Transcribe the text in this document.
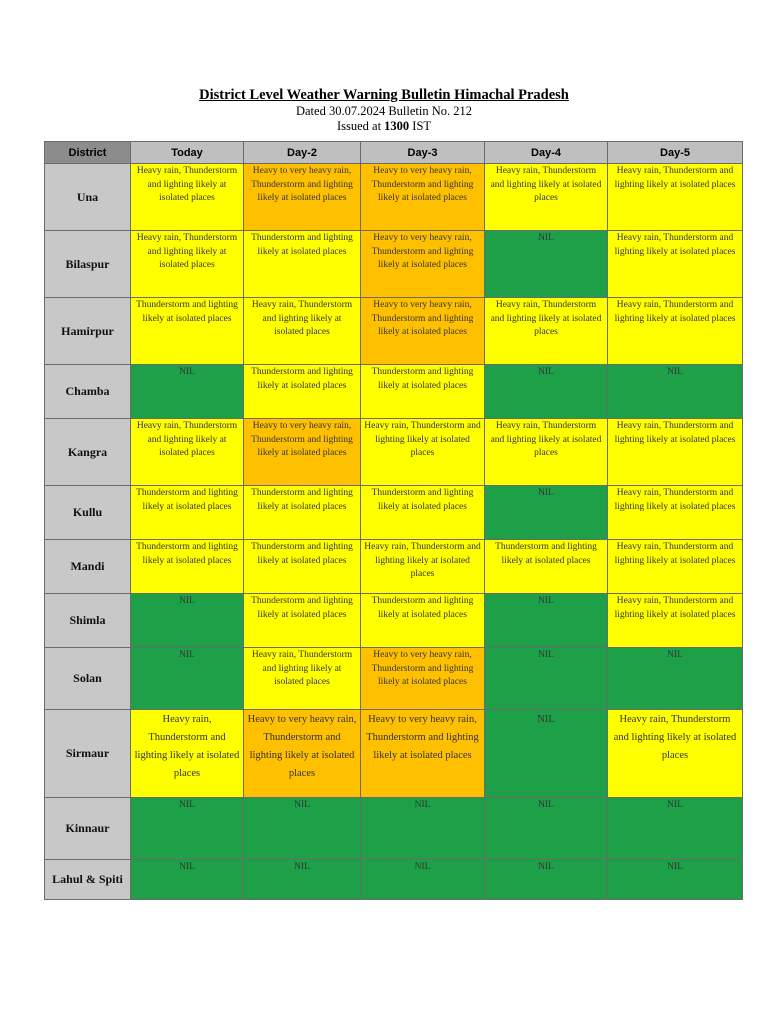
District Level Weather Warning Bulletin Himachal Pradesh
Dated 30.07.2024 Bulletin No. 212
Issued at 1300 IST
District	Today	Day-2	Day-3	Day-4	Day-5
Una	Heavy rain, Thunderstorm and lighting likely at isolated places	Heavy to very heavy rain, Thunderstorm and lighting likely at isolated places	Heavy to very heavy rain, Thunderstorm and lighting likely at isolated places	Heavy rain, Thunderstorm and lighting likely at isolated places	Heavy rain, Thunderstorm and lighting likely at isolated places
Bilaspur	Heavy rain, Thunderstorm and lighting likely at isolated places	Thunderstorm and lighting likely at isolated places	Heavy to very heavy rain, Thunderstorm and lighting likely at isolated places	NIL	Heavy rain, Thunderstorm and lighting likely at isolated places
Hamirpur	Thunderstorm and lighting likely at isolated places	Heavy rain, Thunderstorm and lighting likely at isolated places	Heavy to very heavy rain, Thunderstorm and lighting likely at isolated places	Heavy rain, Thunderstorm and lighting likely at isolated places	Heavy rain, Thunderstorm and lighting likely at isolated places
Chamba	NIL	Thunderstorm and lighting likely at isolated places	Thunderstorm and lighting likely at isolated places	NIL	NIL
Kangra	Heavy rain, Thunderstorm and lighting likely at isolated places	Heavy to very heavy rain, Thunderstorm and lighting likely at isolated places	Heavy rain, Thunderstorm and lighting likely at isolated places	Heavy rain, Thunderstorm and lighting likely at isolated places	Heavy rain, Thunderstorm and lighting likely at isolated places
Kullu	Thunderstorm and lighting likely at isolated places	Thunderstorm and lighting likely at isolated places	Thunderstorm and lighting likely at isolated places	NIL	Heavy rain, Thunderstorm and lighting likely at isolated places
Mandi	Thunderstorm and lighting likely at isolated places	Thunderstorm and lighting likely at isolated places	Heavy rain, Thunderstorm and lighting likely at isolated places	Thunderstorm and lighting likely at isolated places	Heavy rain, Thunderstorm and lighting likely at isolated places
Shimla	NIL	Thunderstorm and lighting likely at isolated places	Thunderstorm and lighting likely at isolated places	NIL	Heavy rain, Thunderstorm and lighting likely at isolated places
Solan	NIL	Heavy rain, Thunderstorm and lighting likely at isolated places	Heavy to very heavy rain, Thunderstorm and lighting likely at isolated places	NIL	NIL
Sirmaur	Heavy rain, Thunderstorm and lighting likely at isolated places	Heavy to very heavy rain, Thunderstorm and lighting likely at isolated places	Heavy to very heavy rain, Thunderstorm and lighting likely at isolated places	NIL	Heavy rain, Thunderstorm and lighting likely at isolated places
Kinnaur	NIL	NIL	NIL	NIL	NIL
Lahul & Spiti	NIL	NIL	NIL	NIL	NIL
